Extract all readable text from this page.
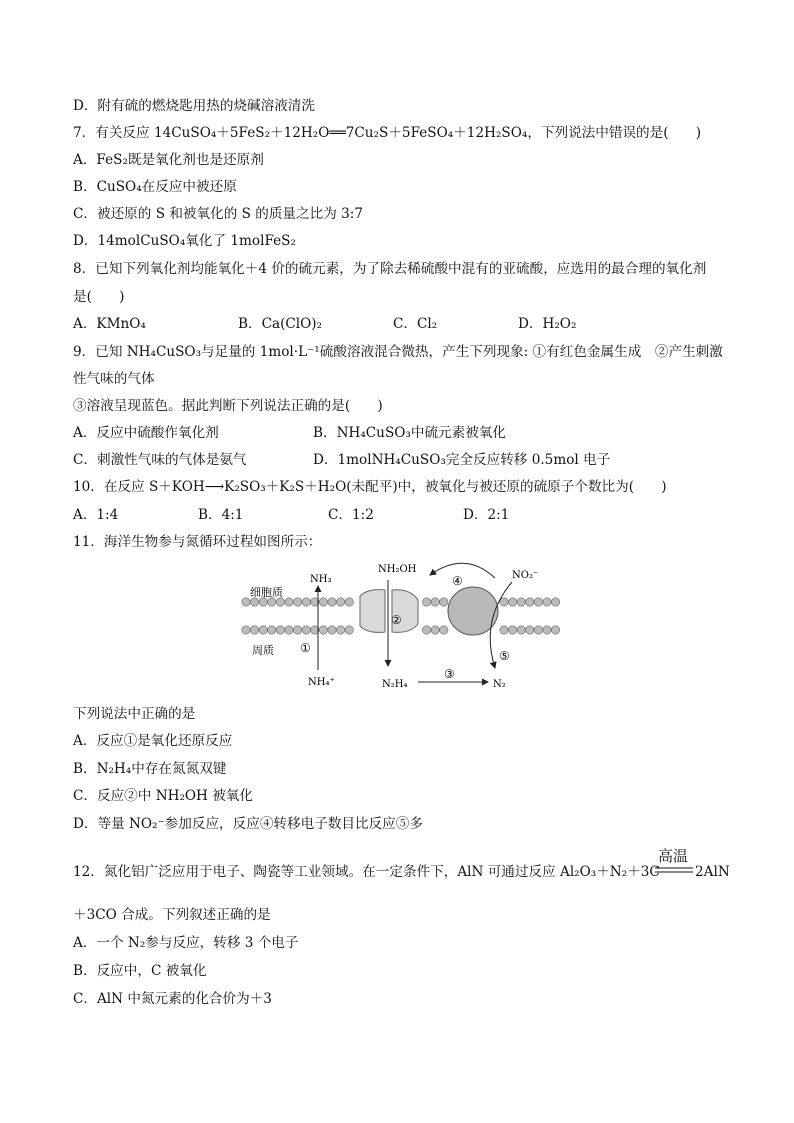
D．附有硫的燃烧匙用热的烧碱溶液清洗
7．有关反应 14CuSO₄＋5FeS₂＋12H₂O══7Cu₂S＋5FeSO₄＋12H₂SO₄，下列说法中错误的是(　　)
A．FeS₂既是氧化剂也是还原剂
B．CuSO₄在反应中被还原
C．被还原的 S 和被氧化的 S 的质量之比为 3:7
D．14molCuSO₄氧化了 1molFeS₂
8．已知下列氧化剂均能氧化＋4 价的硫元素，为了除去稀硫酸中混有的亚硫酸，应选用的最合理的氧化剂
是(　　)
A．KMnO₄	B．Ca(ClO)₂	C．Cl₂	D．H₂O₂
9．已知 NH₄CuSO₃与足量的 1mol·L⁻¹硫酸溶液混合微热，产生下列现象: ①有红色金属生成　②产生刺激
性气味的气体
③溶液呈现蓝色。据此判断下列说法正确的是(　　)
A．反应中硫酸作氧化剂	B．NH₄CuSO₃中硫元素被氧化
C．刺激性气味的气体是氨气	D．1molNH₄CuSO₃完全反应转移 0.5mol 电子
10．在反应 S＋KOH⟶K₂SO₃＋K₂S＋H₂O(未配平)中，被氧化与被还原的硫原子个数比为(　　)
A．1:4	B．4:1	C．1:2	D．2:1
11．海洋生物参与氮循环过程如图所示：
细胞质
周质
NH₃
NH₄⁺
NH₂OH
N₂H₄	N₂
NO₂⁻
①
②
③
④
⑤
下列说法中正确的是
A．反应①是氧化还原反应
B．N₂H₄中存在氮氮双键
C．反应②中 NH₂OH 被氧化
D．等量 NO₂⁻参加反应，反应④转移电子数目比反应⑤多
12．氮化铝广泛应用于电子、陶瓷等工业领域。在一定条件下，AlN 可通过反应 Al₂O₃＋N₂＋3C
高温
2AlN
＋3CO 合成。下列叙述正确的是
A．一个 N₂参与反应，转移 3 个电子
B．反应中，C 被氧化
C．AlN 中氮元素的化合价为＋3
